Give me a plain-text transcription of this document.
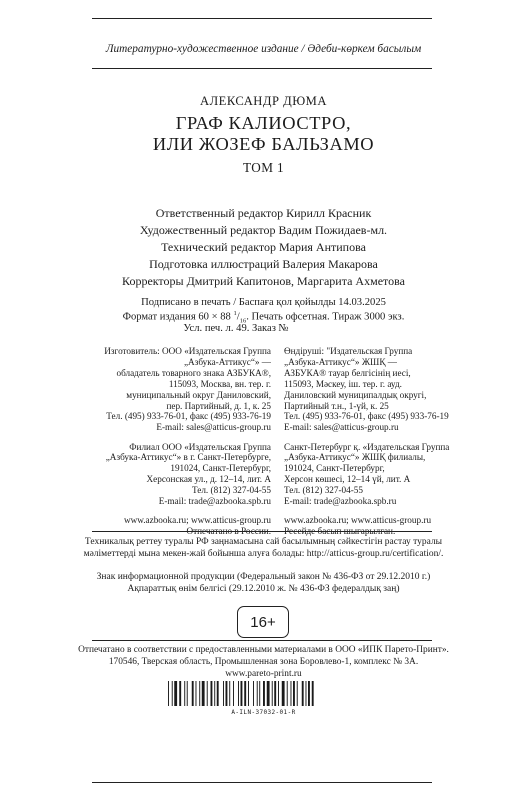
Литературно-художественное издание / Әдеби-көркем басылым
АЛЕКСАНДР ДЮМА
ГРАФ КАЛИОСТРО,
ИЛИ ЖОЗЕФ БАЛЬЗАМО
ТОМ 1
Ответственный редактор Кирилл Красник
Художественный редактор Вадим Пожидаев-мл.
Технический редактор Мария Антипова
Подготовка иллюстраций Валерия Макарова
Корректоры Дмитрий Капитонов, Маргарита Ахметова
Подписано в печать / Баспаға қол қойылды 14.03.2025
Формат издания 60 × 88 $^1/_{16}$. Печать офсетная. Тираж 3000 экз.
Усл. печ. л. 49. Заказ №
Изготовитель: ООО «Издательская Группа
„Азбука-Аттикус“» —
обладатель товарного знака АЗБУКА®,
115093, Москва, вн. тер. г.
муниципальный округ Даниловский,
пер. Партийный, д. 1, к. 25
Тел. (495) 933-76-01, факс (495) 933-76-19
E-mail: sales@atticus-group.ru
Филиал ООО «Издательская Группа
„Азбука-Аттикус“» в г. Санкт-Петербурге,
191024, Санкт-Петербург,
Херсонская ул., д. 12–14, лит. А
Тел. (812) 327-04-55
E-mail: trade@azbooka.spb.ru
www.azbooka.ru; www.atticus-group.ru
Отпечатано в России.
Өндіруші: "Издательская Группа
„Азбука-Аттикус“» ЖШҚ —
АЗБУКА® тауар белгісінің иесі,
115093, Мәскеу, іш. тер. г. ауд.
Даниловский муниципалдық округі,
Партийный т.н., 1-үй, к. 25
Тел. (495) 933-76-01, факс (495) 933-76-19
E-mail: sales@atticus-group.ru
Санкт-Петербург қ. «Издательская Группа
„Азбука-Аттикус“» ЖШҚ филиалы,
191024, Санкт-Петербург,
Херсон көшесі, 12–14 үй, лит. А
Тел. (812) 327-04-55
E-mail: trade@azbooka.spb.ru
www.azbooka.ru; www.atticus-group.ru
Ресейде басып шығарылған.
Техникалық реттеу туралы РФ заңнамасына сай басылымның сәйкестігін растау туралы
мәліметтерді мына мекен-жай бойынша алуға болады: http://atticus-group.ru/certification/.
Знак информационной продукции (Федеральный закон № 436-ФЗ от 29.12.2010 г.)
Ақпараттық өнім белгісі (29.12.2010 ж. № 436-ФЗ федералдық заң)
16+
Отпечатано в соответствии с предоставленными материалами в ООО «ИПК Парето-Принт».
170546, Тверская область, Промышленная зона Боровлево-1, комплекс № 3А.
www.pareto-print.ru
A-ILN-37032-01-R
